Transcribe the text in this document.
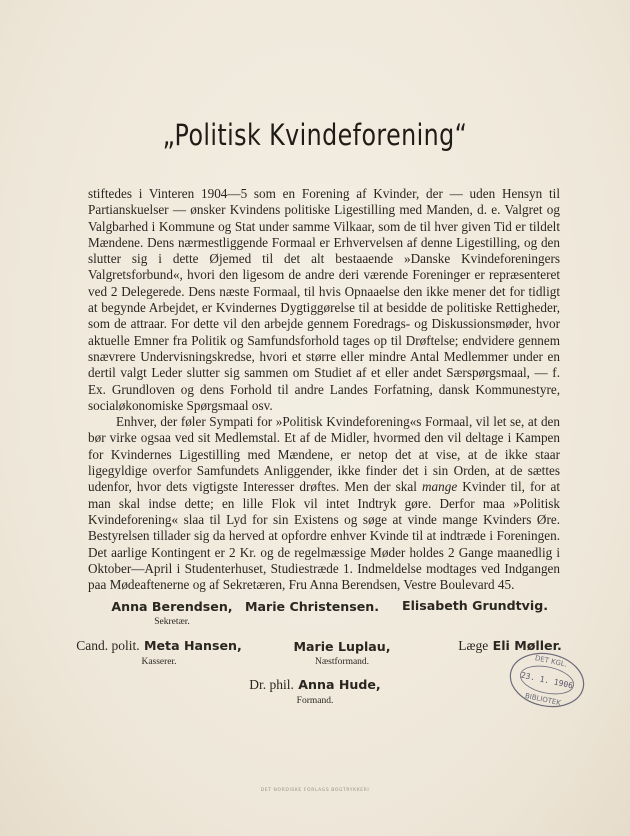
„Politisk Kvindeforening“

stiftedes i Vinteren 1904—5 som en Forening af Kvinder, der — uden Hensyn til Partianskuelser — ønsker Kvindens politiske Ligestilling med Manden, d. e. Valgret og Valgbarhed i Kommune og Stat under samme Vilkaar, som de til hver given Tid er tildelt Mændene. Dens nærmestliggende Formaal er Erhvervelsen af denne Ligestilling, og den slutter sig i dette Øjemed til det alt bestaaende »Danske Kvindeforeningers Valgretsforbund«, hvori den ligesom de andre deri værende Foreninger er repræsenteret ved 2 Delegerede. Dens næste Formaal, til hvis Opnaaelse den ikke mener det for tidligt at begynde Arbejdet, er Kvindernes Dygtiggørelse til at besidde de politiske Rettigheder, som de attraar. For dette vil den arbejde gennem Foredrags- og Diskussionsmøder, hvor aktuelle Emner fra Politik og Samfundsforhold tages op til Drøftelse; endvidere gennem snævrere Undervisningskredse, hvori et større eller mindre Antal Medlemmer under en dertil valgt Leder slutter sig sammen om Studiet af et eller andet Særspørgsmaal, — f. Ex. Grundloven og dens Forhold til andre Landes Forfatning, dansk Kommunestyre, socialøkonomiske Spørgsmaal osv.

Enhver, der føler Sympati for »Politisk Kvindeforening«s Formaal, vil let se, at den bør virke ogsaa ved sit Medlemstal. Et af de Midler, hvormed den vil deltage i Kampen for Kvindernes Ligestilling med Mændene, er netop det at vise, at de ikke staar ligegyldige overfor Samfundets Anliggender, ikke finder det i sin Orden, at de sættes udenfor, hvor dets vigtigste Interesser drøftes. Men der skal mange Kvinder til, for at man skal indse dette; en lille Flok vil intet Indtryk gøre. Derfor maa »Politisk Kvindeforening« slaa til Lyd for sin Existens og søge at vinde mange Kvinders Øre. Bestyrelsen tillader sig da herved at opfordre enhver Kvinde til at indtræde i Foreningen. Det aarlige Kontingent er 2 Kr. og de regelmæssige Møder holdes 2 Gange maanedlig i Oktober—April i Studenterhuset, Studiestræde 1. Indmeldelse modtages ved Indgangen paa Mødeaftenerne og af Sekretæren, Fru Anna Berendsen, Vestre Boulevard 45.

Anna Berendsen,
Sekretær.
Marie Christensen.	Elisabeth Grundtvig.
Cand. polit. Meta Hansen,
Kasserer.
Marie Luplau,
Næstformand.
Læge Eli Møller.
Dr. phil. Anna Hude,
Formand.
DET KGL.
23. 1. 1906
BIBLIOTEK
DET NORDISKE FORLAGS BOGTRYKKERI
